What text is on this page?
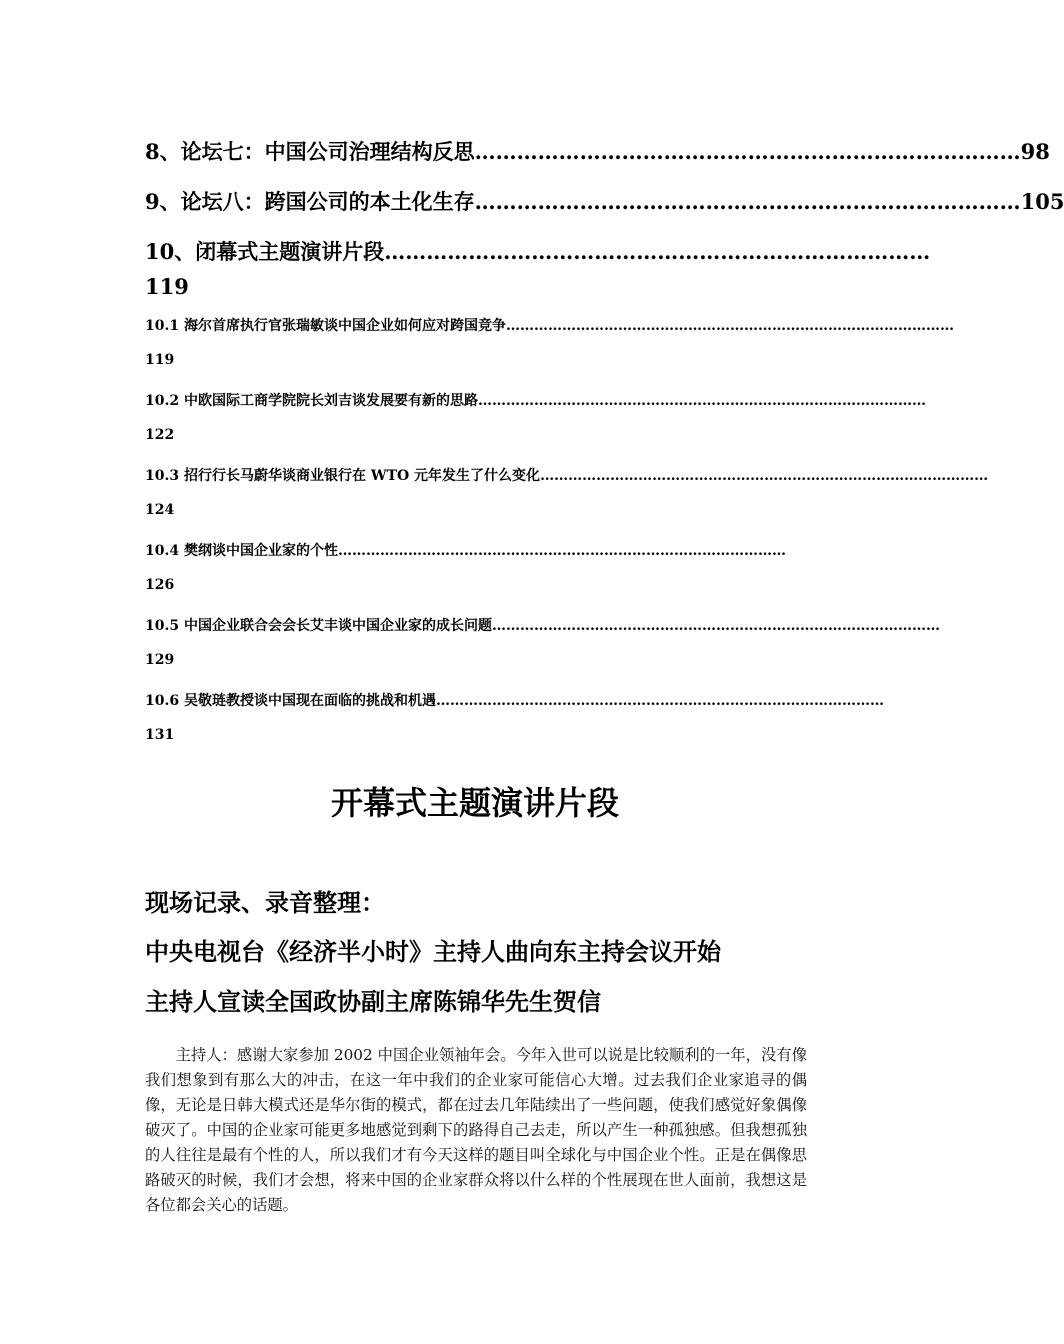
8、论坛七：中国公司治理结构反思 …………………………………………………………………… 98
9、论坛八：跨国公司的本土化生存 …………………………………………………………………… 105
10、闭幕式主题演讲片段 ……………………………………………………………………
119
10.1 海尔首席执行官张瑞敏谈中国企业如何应对跨国竞争 ……………………………………………………………………………………
119
10.2 中欧国际工商学院院长刘吉谈发展要有新的思路 ……………………………………………………………………………………
122
10.3 招行行长马蔚华谈商业银行在 WTO 元年发生了什么变化 ……………………………………………………………………………………
124
10.4 樊纲谈中国企业家的个性 ……………………………………………………………………………………
126
10.5 中国企业联合会会长艾丰谈中国企业家的成长问题 ……………………………………………………………………………………
129
10.6 吴敬琏教授谈中国现在面临的挑战和机遇 ……………………………………………………………………………………
131
开幕式主题演讲片段
现场记录、录音整理：
中央电视台《经济半小时》主持人曲向东主持会议开始
主持人宣读全国政协副主席陈锦华先生贺信
主持人：感谢大家参加 2002 中国企业领袖年会。今年入世可以说是比较顺利的一年，没有像我们想象到有那么大的冲击，在这一年中我们的企业家可能信心大增。过去我们企业家追寻的偶像，无论是日韩大模式还是华尔街的模式，都在过去几年陆续出了一些问题，使我们感觉好象偶像破灭了。中国的企业家可能更多地感觉到剩下的路得自己去走，所以产生一种孤独感。但我想孤独的人往往是最有个性的人，所以我们才有今天这样的题目叫全球化与中国企业个性。正是在偶像思路破灭的时候，我们才会想，将来中国的企业家群众将以什么样的个性展现在世人面前，我想这是各位都会关心的话题。
